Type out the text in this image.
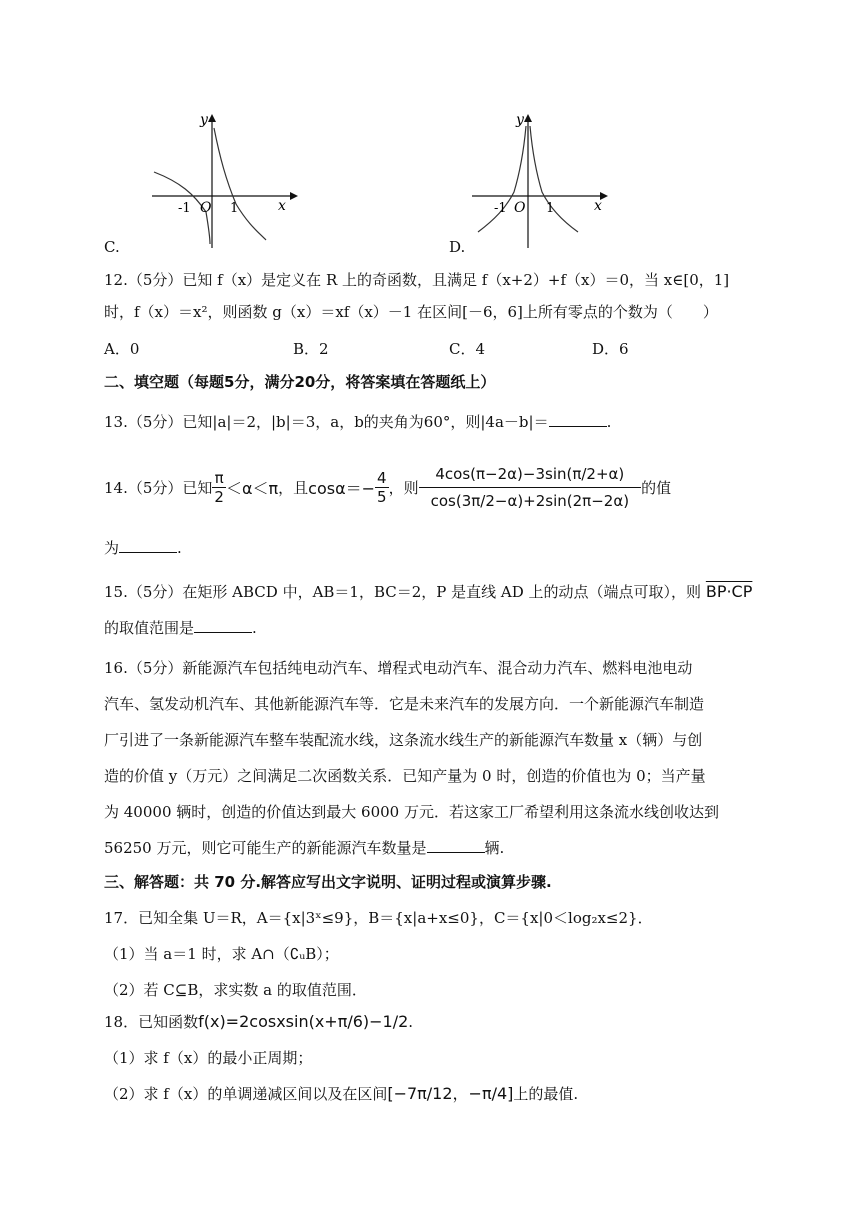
y
x
O
-1	1
C.
y
x
O
-1	1
D.
12.（5分）已知 f（x）是定义在 R 上的奇函数，且满足 f（x+2）+f（x）＝0，当 x∈[0，1]
时，f（x）＝x²，则函数 g（x）＝xf（x）－1 在区间[－6，6]上所有零点的个数为（　　）
A．0	B．2	C．4	D．6
二、填空题（每题5分，满分20分，将答案填在答题纸上）
13.（5分）已知|a|＝2，|b|＝3，a，b的夹角为60°，则|4a－b|＝	.
14.（5分）已知 $\frac{\pi}{2} <\alpha<\pi$ ，且 $\cos\alpha=- \frac{4}{5}$ ，则 $\frac{4\cos(\pi-2\alpha)-3\sin(\pi/2+\alpha)}{\cos(3\pi/2-\alpha)+2\sin(2\pi-2\alpha)}$ 的值
为	.
15.（5分）在矩形 ABCD 中，AB＝1，BC＝2，P 是直线 AD 上的动点（端点可取），则 BP·CP
的取值范围是	.
16.（5分）新能源汽车包括纯电动汽车、增程式电动汽车、混合动力汽车、燃料电池电动
汽车、氢发动机汽车、其他新能源汽车等．它是未来汽车的发展方向．一个新能源汽车制造
厂引进了一条新能源汽车整车装配流水线，这条流水线生产的新能源汽车数量 x（辆）与创
造的价值 y（万元）之间满足二次函数关系．已知产量为 0 时，创造的价值也为 0；当产量
为 40000 辆时，创造的价值达到最大 6000 万元．若这家工厂希望利用这条流水线创收达到
56250 万元，则它可能生产的新能源汽车数量是	辆.
三、解答题：共 70 分.解答应写出文字说明、证明过程或演算步骤.
17．已知全集 U＝R，A＝{x|3ˣ≤9}，B＝{x|a+x≤0}，C＝{x|0＜log₂x≤2}．
（1）当 a＝1 时，求 A∩（∁ᵤB）；
（2）若 C⊆B，求实数 a 的取值范围．
18．已知函数f(x)=2cosxsin(x+π/6)−1/2.
（1）求 f（x）的最小正周期；
（2）求 f（x）的单调递减区间以及在区间[−7π/12，−π/4]上的最值.
